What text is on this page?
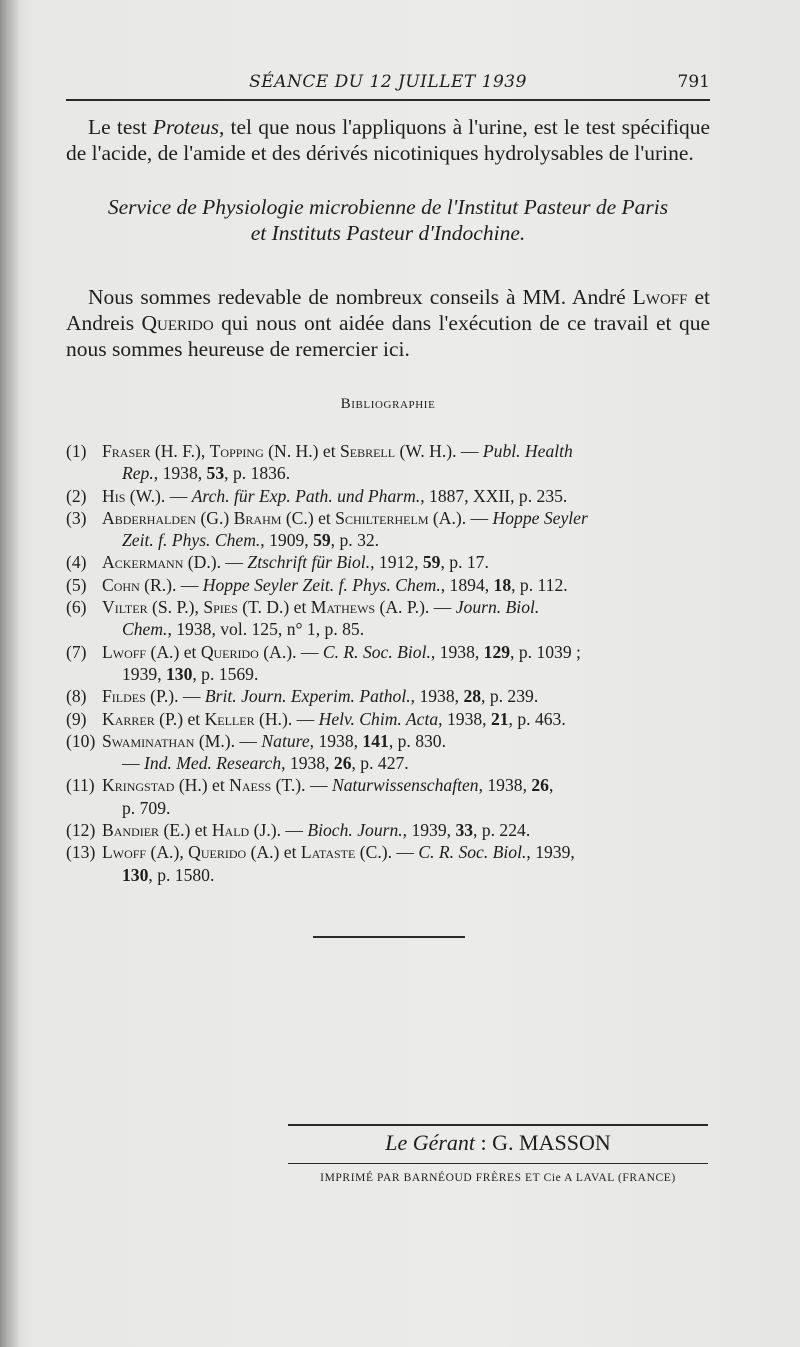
SÉANCE DU 12 JUILLET 1939	791

Le test Proteus, tel que nous l'appliquons à l'urine, est le test spécifique de l'acide, de l'amide et des dérivés nicotiniques hydrolysables de l'urine.

Service de Physiologie microbienne de l'Institut Pasteur de Paris
et Instituts Pasteur d'Indochine.

Nous sommes redevable de nombreux conseils à MM. André Lwoff et Andreis Querido qui nous ont aidée dans l'exécution de ce travail et que nous sommes heureuse de remercier ici.

Bibliographie
(1) Fraser (H. F.), Topping (N. H.) et Sebrell (W. H.). — Publ. Health
Rep., 1938, 53, p. 1836.
(2) His (W.). — Arch. für Exp. Path. und Pharm., 1887, XXII, p. 235.
(3) Abderhalden (G.) Brahm (C.) et Schilterhelm (A.). — Hoppe Seyler
Zeit. f. Phys. Chem., 1909, 59, p. 32.
(4) Ackermann (D.). — Ztschrift für Biol., 1912, 59, p. 17.
(5) Cohn (R.). — Hoppe Seyler Zeit. f. Phys. Chem., 1894, 18, p. 112.
(6) Vilter (S. P.), Spies (T. D.) et Mathews (A. P.). — Journ. Biol.
Chem., 1938, vol. 125, n° 1, p. 85.
(7) Lwoff (A.) et Querido (A.). — C. R. Soc. Biol., 1938, 129, p. 1039 ;
1939, 130, p. 1569.
(8) Fildes (P.). — Brit. Journ. Experim. Pathol., 1938, 28, p. 239.
(9) Karrer (P.) et Keller (H.). — Helv. Chim. Acta, 1938, 21, p. 463.
(10) Swaminathan (M.). — Nature, 1938, 141, p. 830.
— Ind. Med. Research, 1938, 26, p. 427.
(11) Kringstad (H.) et Naess (T.). — Naturwissenschaften, 1938, 26,
p. 709.
(12) Bandier (E.) et Hald (J.). — Bioch. Journ., 1939, 33, p. 224.
(13) Lwoff (A.), Querido (A.) et Lataste (C.). — C. R. Soc. Biol., 1939,
130, p. 1580.
Le Gérant : G. MASSON
IMPRIMÉ PAR BARNÉOUD FRÈRES ET Cie A LAVAL (FRANCE)
